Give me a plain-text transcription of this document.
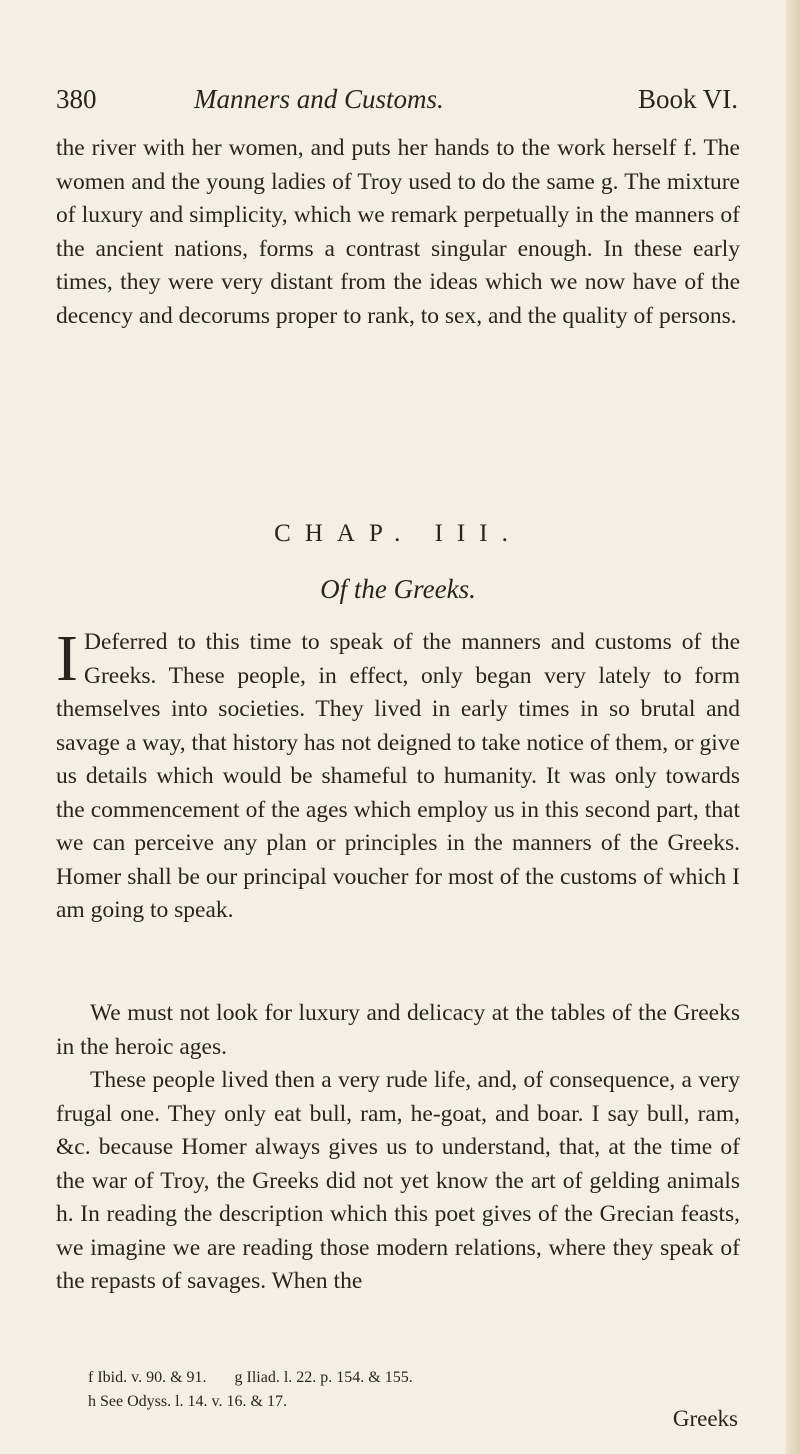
380	Manners and Customs.	Book VI.
the river with her women, and puts her hands to the work herself f. The women and the young ladies of Troy used to do the same g. The mixture of luxury and simplicity, which we remark perpetually in the manners of the ancient nations, forms a contrast singular enough. In these early times, they were very distant from the ideas which we now have of the decency and decorums proper to rank, to sex, and the quality of persons.
CHAP. III.
Of the Greeks.
I Deferred to this time to speak of the manners and customs of the Greeks. These people, in effect, only began very lately to form themselves into societies. They lived in early times in so brutal and savage a way, that history has not deigned to take notice of them, or give us details which would be shameful to humanity. It was only towards the commencement of the ages which employ us in this second part, that we can perceive any plan or principles in the manners of the Greeks. Homer shall be our principal voucher for most of the customs of which I am going to speak.
We must not look for luxury and delicacy at the tables of the Greeks in the heroic ages.
These people lived then a very rude life, and, of consequence, a very frugal one. They only eat bull, ram, he-goat, and boar. I say bull, ram, &c. because Homer always gives us to understand, that, at the time of the war of Troy, the Greeks did not yet know the art of gelding animals h. In reading the description which this poet gives of the Grecian feasts, we imagine we are reading those modern relations, where they speak of the repasts of savages. When the
f Ibid. v. 90. & 91. g Iliad. l. 22. p. 154. & 155.
h See Odyss. l. 14. v. 16. & 17.
Greeks
